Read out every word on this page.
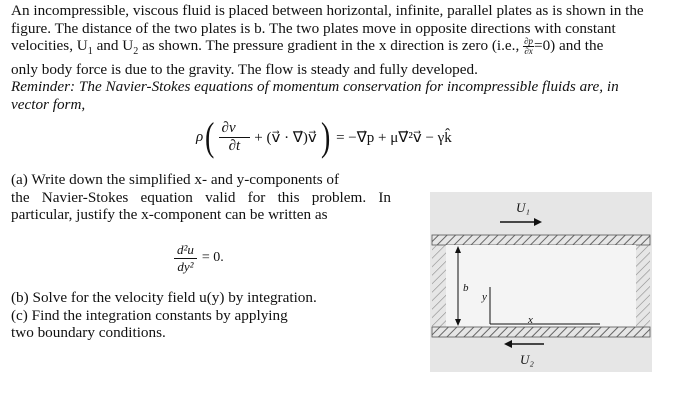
An incompressible, viscous fluid is placed between horizontal, infinite, parallel plates as is shown in the
figure. The distance of the two plates is b. The two plates move in opposite directions with constant
velocities, $U_1$ and $U_2$ as shown. The pressure gradient in the x direction is zero (i.e., $\frac{\partial p}{\partial x} =0$) and the
only body force is due to the gravity. The flow is steady and fully developed.
Reminder: The Navier-Stokes equations of momentum conservation for incompressible fluids are, in
vector form,
ρ ( $\frac{\partial v⃗}{\partial t}$ + (v⃗ · ∇⃗)v⃗ ) = −∇⃗p + μ∇⃗²v⃗ − γk̂
(a) Write down the simplified x- and y-components of
the Navier-Stokes equation valid for this problem. In
particular, justify the x-component can be written as
$\frac{\text{d²u}}{\text{dy²}} = 0$.
(b) Solve for the velocity field u(y) by integration.
(c) Find the integration constants by applying
two boundary conditions.
U₁
b
y
x
U₂
